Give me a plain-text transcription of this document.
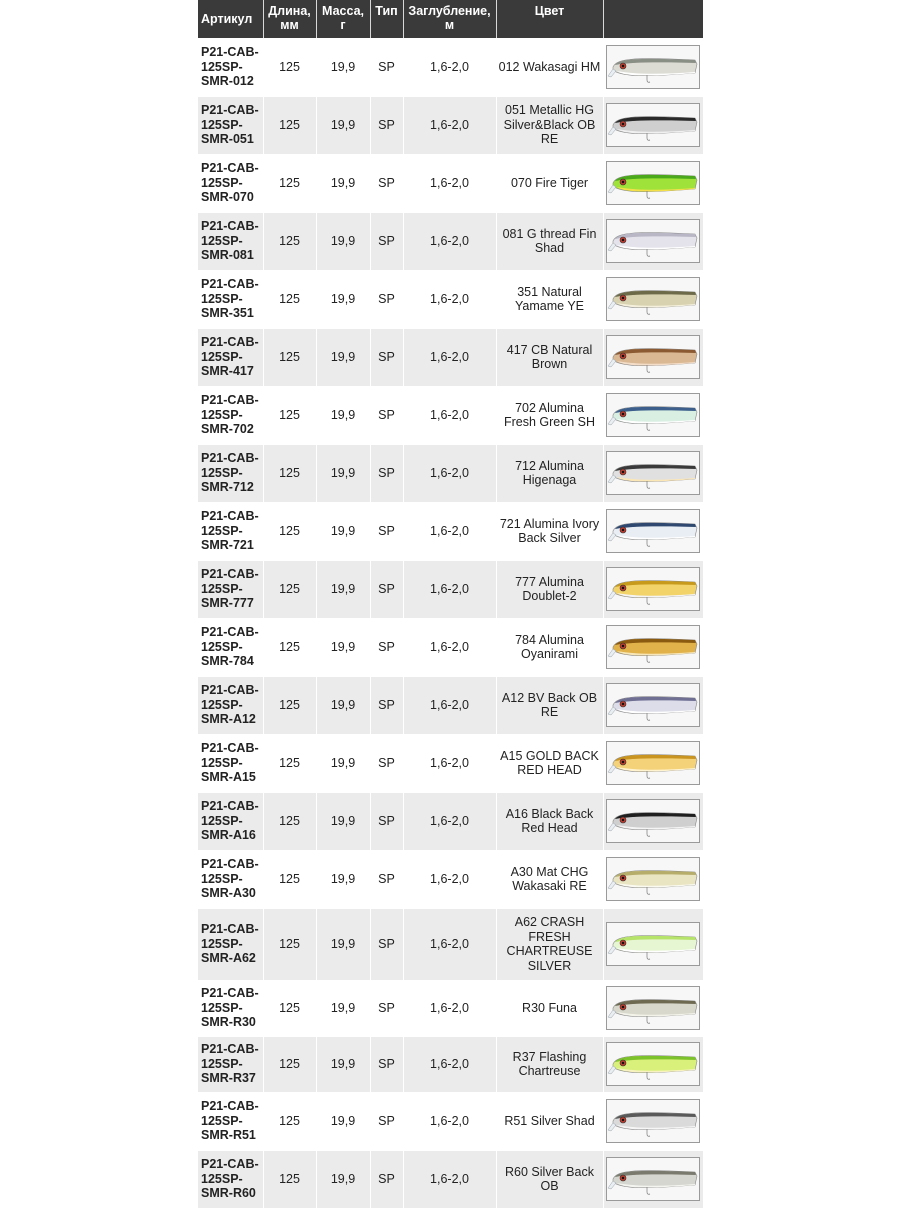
Артикул	Длина, мм	Масса, г	Тип	Заглубление, м	Цвет	
P21-CAB-125SP-SMR-012	125	19,9	SP	1,6-2,0	012 Wakasagi HM	

P21-CAB-125SP-SMR-051	125	19,9	SP	1,6-2,0	051 Metallic HG Silver&Black OB RE	

P21-CAB-125SP-SMR-070	125	19,9	SP	1,6-2,0	070 Fire Tiger	

P21-CAB-125SP-SMR-081	125	19,9	SP	1,6-2,0	081 G thread Fin Shad	

P21-CAB-125SP-SMR-351	125	19,9	SP	1,6-2,0	351 Natural Yamame YE	

P21-CAB-125SP-SMR-417	125	19,9	SP	1,6-2,0	417 CB Natural Brown	

P21-CAB-125SP-SMR-702	125	19,9	SP	1,6-2,0	702 Alumina Fresh Green SH	

P21-CAB-125SP-SMR-712	125	19,9	SP	1,6-2,0	712 Alumina Higenaga	

P21-CAB-125SP-SMR-721	125	19,9	SP	1,6-2,0	721 Alumina Ivory Back Silver	

P21-CAB-125SP-SMR-777	125	19,9	SP	1,6-2,0	777 Alumina Doublet-2	

P21-CAB-125SP-SMR-784	125	19,9	SP	1,6-2,0	784 Alumina Oyanirami	

P21-CAB-125SP-SMR-A12	125	19,9	SP	1,6-2,0	A12 BV Back OB RE	

P21-CAB-125SP-SMR-A15	125	19,9	SP	1,6-2,0	A15 GOLD BACK RED HEAD	

P21-CAB-125SP-SMR-A16	125	19,9	SP	1,6-2,0	A16 Black Back Red Head	

P21-CAB-125SP-SMR-A30	125	19,9	SP	1,6-2,0	A30 Mat CHG Wakasaki RE	

P21-CAB-125SP-SMR-A62	125	19,9	SP	1,6-2,0	A62 CRASH FRESH CHARTREUSE SILVER	

P21-CAB-125SP-SMR-R30	125	19,9	SP	1,6-2,0	R30 Funa	

P21-CAB-125SP-SMR-R37	125	19,9	SP	1,6-2,0	R37 Flashing Chartreuse	

P21-CAB-125SP-SMR-R51	125	19,9	SP	1,6-2,0	R51 Silver Shad	

P21-CAB-125SP-SMR-R60	125	19,9	SP	1,6-2,0	R60 Silver Back OB	
